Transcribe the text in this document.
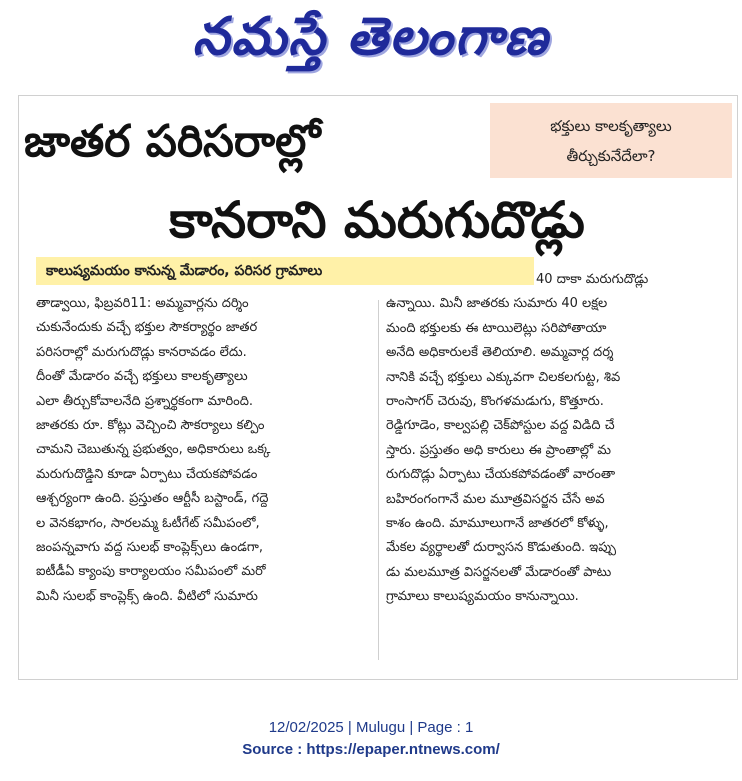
నమస్తే తెలంగాణ
జాతర పరిసరాల్లో	భక్తులు కాలకృత్యాలు
తీర్చుకునేదేలా?
కానరాని మరుగుదొడ్లు
కాలుష్యమయం కానున్న మేడారం, పరిసర గ్రామాలు
తాడ్వాయి, ఫిబ్రవరి11: అమ్మవార్లను దర్శిం
చుకునేందుకు వచ్చే భక్తుల సౌకర్యార్థం జాతర
పరిసరాల్లో మరుగుదొడ్లు కానరావడం లేదు.
దీంతో మేడారం వచ్చే భక్తులు కాలకృత్యాలు
ఎలా తీర్చుకోవాలనేది ప్రశ్నార్థకంగా మారింది.
జాతరకు రూ. కోట్లు వెచ్చించి సౌకర్యాలు కల్పిం
చామని చెబుతున్న ప్రభుత్వం, అధికారులు ఒక్క
మరుగుదొడ్డిని కూడా ఏర్పాటు చేయకపోవడం
ఆశ్చర్యంగా ఉంది. ప్రస్తుతం ఆర్టీసీ బస్టాండ్, గద్దె
ల వెనకభాగం, సారలమ్మ ఓటీగేట్ సమీపంలో,
జంపన్నవాగు వద్ద సులభ్ కాంప్లెక్స్‌లు ఉండగా,
ఐటీడీఏ క్యాంపు కార్యాలయం సమీపంలో మరో
మినీ సులభ్ కాంప్లెక్స్ ఉంది. వీటిలో సుమారు
40 దాకా మరుగుదొడ్లు
ఉన్నాయి. మినీ జాతరకు సుమారు 40 లక్షల
మంది భక్తులకు ఈ టాయిలెట్లు సరిపోతాయా
అనేది అధికారులకే తెలియాలి. అమ్మవార్ల దర్శ
నానికి వచ్చే భక్తులు ఎక్కువగా చిలకలగుట్ట, శివ
రాంసాగర్ చెరువు, కొంగళమడుగు, కొత్తూరు.
రెడ్డిగూడెం, కాల్వపల్లి చెక్‌పోస్టుల వద్ద విడిది చే
స్తారు. ప్రస్తుతం అధి కారులు ఈ ప్రాంతాల్లో మ
రుగుదొడ్లు ఏర్పాటు చేయకపోవడంతో వారంతా
బహిరంగంగానే మల మూత్రవిసర్జన చేసే అవ
కాశం ఉంది. మామూలుగానే జాతరలో కోళ్ళు,
మేకల వ్యర్థాలతో దుర్వాసన కొడుతుంది. ఇప్పు
డు మలమూత్ర విసర్జనలతో మేడారంతో పాటు
గ్రామాలు కాలుష్యమయం కానున్నాయి.
12/02/2025 | Mulugu | Page : 1
Source : https://epaper.ntnews.com/
